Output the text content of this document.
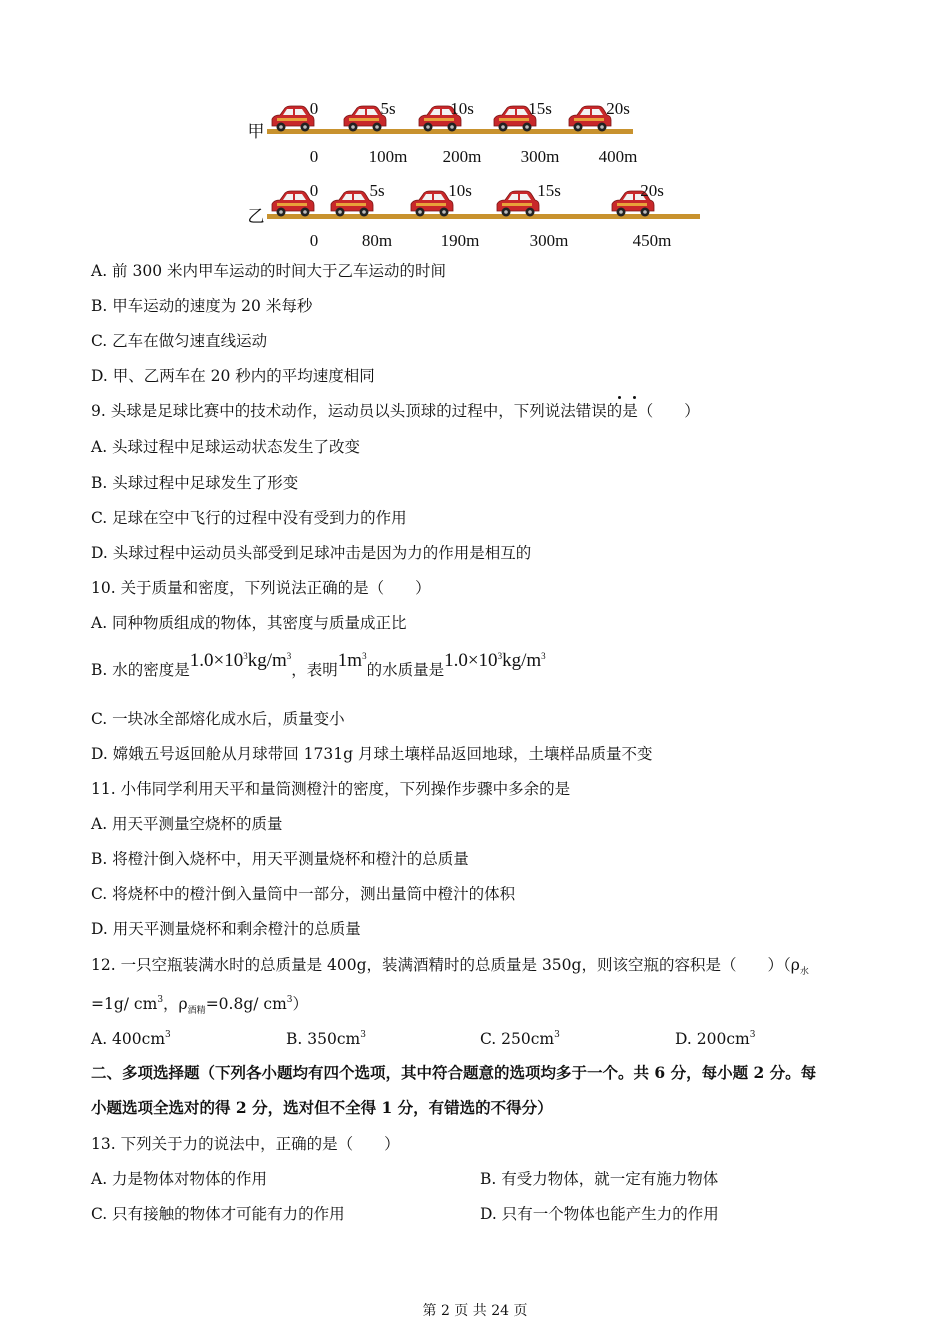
甲
0	5s	10s	15s	20s
0	100m 200m 300m 400m
乙
0	5s	10s	15s	20s
0	80m	190m	300m	450m
A. 前 300 米内甲车运动的时间大于乙车运动的时间
B. 甲车运动的速度为 20 米每秒
C. 乙车在做匀速直线运动
D. 甲、乙两车在 20 秒内的平均速度相同
9. 头球是足球比赛中的技术动作，运动员以头顶球的过程中，下列说法错误的是（　　）
A. 头球过程中足球运动状态发生了改变
B. 头球过程中足球发生了形变
C. 足球在空中飞行的过程中没有受到力的作用
D. 头球过程中运动员头部受到足球冲击是因为力的作用是相互的
10. 关于质量和密度，下列说法正确的是（　　）
A. 同种物质组成的物体，其密度与质量成正比
B. 水的密度是$1.0\times 10^3kg/m^3$，表明$1m^3$的水质量是$1.0\times 10^3kg/m^3$
C. 一块冰全部熔化成水后，质量变小
D. 嫦娥五号返回舱从月球带回 1731g 月球土壤样品返回地球，土壤样品质量不变
11. 小伟同学利用天平和量筒测橙汁的密度，下列操作步骤中多余的是
A. 用天平测量空烧杯的质量
B. 将橙汁倒入烧杯中，用天平测量烧杯和橙汁的总质量
C. 将烧杯中的橙汁倒入量筒中一部分，测出量筒中橙汁的体积
D. 用天平测量烧杯和剩余橙汁的总质量
12. 一只空瓶装满水时的总质量是 400g，装满酒精时的总质量是 350g，则该空瓶的容积是（　　）（$\rho_水$
=1g/ $cm^3$，$\rho_{酒精}=0.8g/$ $cm^3$）
A. $400cm^3$	B. $350cm^3$	C. $250cm^3$	D. $200cm^3$
二、多项选择题（下列各小题均有四个选项，其中符合题意的选项均多于一个。共 6 分，每小题 2 分。每
小题选项全选对的得 2 分，选对但不全得 1 分，有错选的不得分）
13. 下列关于力的说法中，正确的是（　　）
A. 力是物体对物体的作用	B. 有受力物体，就一定有施力物体
C. 只有接触的物体才可能有力的作用	D. 只有一个物体也能产生力的作用
第 2 页 共 24 页
